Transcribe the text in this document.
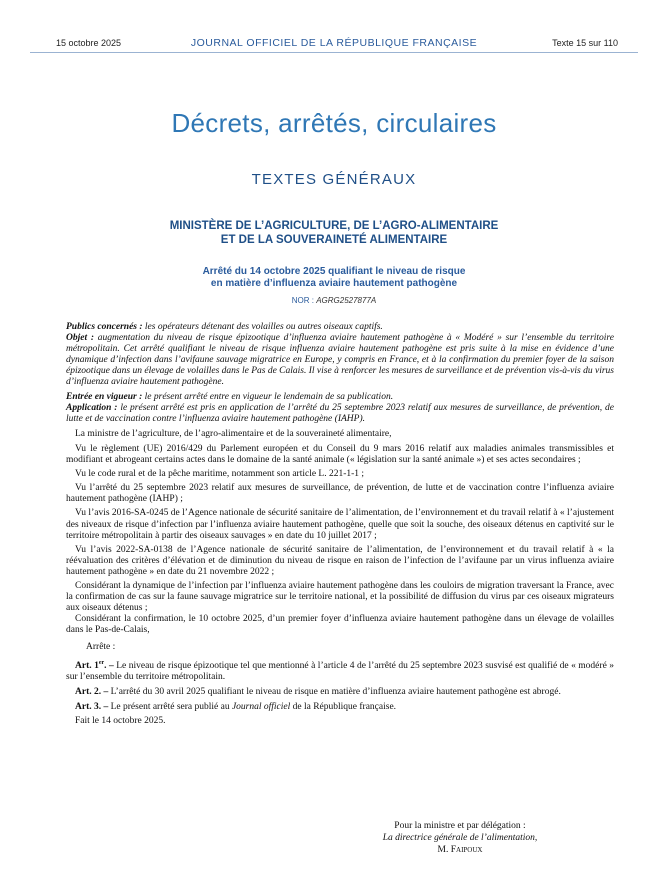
15 octobre 2025	JOURNAL OFFICIEL DE LA RÉPUBLIQUE FRANÇAISE	Texte 15 sur 110
Décrets, arrêtés, circulaires
TEXTES GÉNÉRAUX
MINISTÈRE DE L’AGRICULTURE, DE L’AGRO-ALIMENTAIRE
ET DE LA SOUVERAINETÉ ALIMENTAIRE
Arrêté du 14 octobre 2025 qualifiant le niveau de risque
en matière d’influenza aviaire hautement pathogène
NOR : AGRG2527877A

Publics concernés : les opérateurs détenant des volailles ou autres oiseaux captifs.

Objet : augmentation du niveau de risque épizootique d’influenza aviaire hautement pathogène à « Modéré » sur l’ensemble du territoire métropolitain. Cet arrêté qualifiant le niveau de risque influenza aviaire hautement pathogène est pris suite à la mise en évidence d’une dynamique d’infection dans l’avifaune sauvage migratrice en Europe, y compris en France, et à la confirmation du premier foyer de la saison épizootique dans un élevage de volailles dans le Pas de Calais. Il vise à renforcer les mesures de surveillance et de prévention vis-à-vis du virus d’influenza aviaire hautement pathogène.

Entrée en vigueur : le présent arrêté entre en vigueur le lendemain de sa publication.

Application : le présent arrêté est pris en application de l’arrêté du 25 septembre 2023 relatif aux mesures de surveillance, de prévention, de lutte et de vaccination contre l’influenza aviaire hautement pathogène (IAHP).

La ministre de l’agriculture, de l’agro-alimentaire et de la souveraineté alimentaire,

Vu le règlement (UE) 2016/429 du Parlement européen et du Conseil du 9 mars 2016 relatif aux maladies animales transmissibles et modifiant et abrogeant certains actes dans le domaine de la santé animale (« législation sur la santé animale ») et ses actes secondaires ;

Vu le code rural et de la pêche maritime, notamment son article L. 221-1-1 ;

Vu l’arrêté du 25 septembre 2023 relatif aux mesures de surveillance, de prévention, de lutte et de vaccination contre l’influenza aviaire hautement pathogène (IAHP) ;

Vu l’avis 2016-SA-0245 de l’Agence nationale de sécurité sanitaire de l’alimentation, de l’environnement et du travail relatif à « l’ajustement des niveaux de risque d’infection par l’influenza aviaire hautement pathogène, quelle que soit la souche, des oiseaux détenus en captivité sur le territoire métropolitain à partir des oiseaux sauvages » en date du 10 juillet 2017 ;

Vu l’avis 2022-SA-0138 de l’Agence nationale de sécurité sanitaire de l’alimentation, de l’environnement et du travail relatif à « la réévaluation des critères d’élévation et de diminution du niveau de risque en raison de l’infection de l’avifaune par un virus influenza aviaire hautement pathogène » en date du 21 novembre 2022 ;

Considérant la dynamique de l’infection par l’influenza aviaire hautement pathogène dans les couloirs de migration traversant la France, avec la confirmation de cas sur la faune sauvage migratrice sur le territoire national, et la possibilité de diffusion du virus par ces oiseaux migrateurs aux oiseaux détenus ;

Considérant la confirmation, le 10 octobre 2025, d’un premier foyer d’influenza aviaire hautement pathogène dans un élevage de volailles dans le Pas-de-Calais,

Arrête :

Art. 1er. – Le niveau de risque épizootique tel que mentionné à l’article 4 de l’arrêté du 25 septembre 2023 susvisé est qualifié de « modéré » sur l’ensemble du territoire métropolitain.

Art. 2. – L’arrêté du 30 avril 2025 qualifiant le niveau de risque en matière d’influenza aviaire hautement pathogène est abrogé.

Art. 3. – Le présent arrêté sera publié au Journal officiel de la République française.

Fait le 14 octobre 2025.

Pour la ministre et par délégation :
La directrice générale de l’alimentation,
M. Faipoux
